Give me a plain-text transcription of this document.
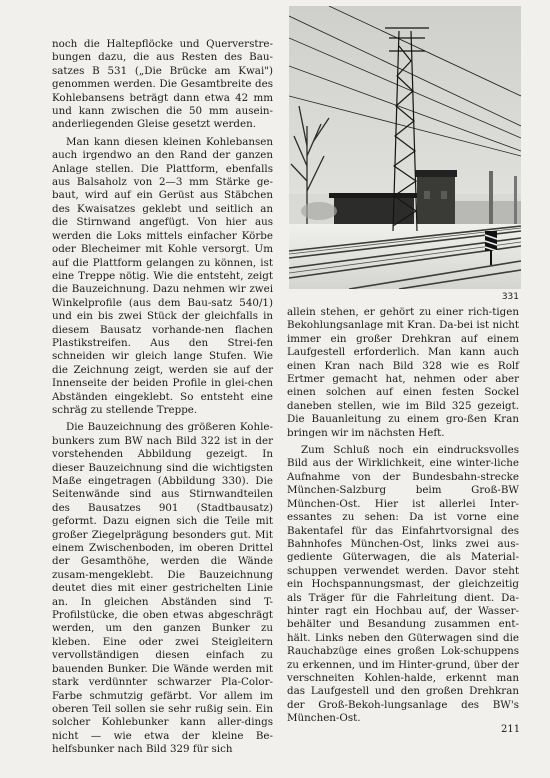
331

noch die Haltepflöcke und Querverstre-bungen dazu, die aus Resten des Bau-satzes B 531 („Die Brücke am Kwai") genommen werden. Die Gesamtbreite des Kohlebansens beträgt dann etwa 42 mm und kann zwischen die 50 mm ausein-anderliegenden Gleise gesetzt werden.

Man kann diesen kleinen Kohlebansen auch irgendwo an den Rand der ganzen Anlage stellen. Die Plattform, ebenfalls aus Balsaholz von 2—3 mm Stärke ge-baut, wird auf ein Gerüst aus Stäbchen des Kwaisatzes geklebt und seitlich an die Stirnwand angefügt. Von hier aus werden die Loks mittels einfacher Körbe oder Blecheimer mit Kohle versorgt. Um auf die Plattform gelangen zu können, ist eine Treppe nötig. Wie die entsteht, zeigt die Bauzeichnung. Dazu nehmen wir zwei Winkelprofile (aus dem Bau-satz 540/1) und ein bis zwei Stück der gleichfalls in diesem Bausatz vorhande-nen flachen Plastikstreifen. Aus den Strei-fen schneiden wir gleich lange Stufen. Wie die Zeichnung zeigt, werden sie auf der Innenseite der beiden Profile in glei-chen Abständen eingeklebt. So entsteht eine schräg zu stellende Treppe.

Die Bauzeichnung des größeren Kohle-bunkers zum BW nach Bild 322 ist in der vorstehenden Abbildung gezeigt. In dieser Bauzeichnung sind die wichtigsten Maße eingetragen (Abbildung 330). Die Seitenwände sind aus Stirnwandteilen des Bausatzes 901 (Stadtbausatz) geformt. Dazu eignen sich die Teile mit großer Ziegelprägung besonders gut. Mit einem Zwischenboden, im oberen Drittel der Gesamthöhe, werden die Wände zusam-mengeklebt. Die Bauzeichnung deutet dies mit einer gestrichelten Linie an. In gleichen Abständen sind T-Profilstücke, die oben etwas abgeschrägt werden, um den ganzen Bunker zu kleben. Eine oder zwei Steigleitern vervollständigen diesen einfach zu bauenden Bunker. Die Wände werden mit stark verdünnter schwarzer Pla-Color-Farbe schmutzig gefärbt. Vor allem im oberen Teil sollen sie sehr rußig sein. Ein solcher Kohlebunker kann aller-dings nicht — wie etwa der kleine Be-helfsbunker nach Bild 329 für sich

allein stehen, er gehört zu einer rich-tigen Bekohlungsanlage mit Kran. Da-bei ist nicht immer ein großer Drehkran auf einem Laufgestell erforderlich. Man kann auch einen Kran nach Bild 328 wie es Rolf Ertmer gemacht hat, nehmen oder aber einen solchen auf einen festen Sockel daneben stellen, wie im Bild 325 gezeigt. Die Bauanleitung zu einem gro-ßen Kran bringen wir im nächsten Heft.

Zum Schluß noch ein eindrucksvolles Bild aus der Wirklichkeit, eine winter-liche Aufnahme von der Bundesbahn-strecke München-Salzburg beim Groß-BW München-Ost. Hier ist allerlei Inter-essantes zu sehen: Da ist vorne eine Bakentafel für das Einfahrtvorsignal des Bahnhofes München-Ost, links zwei aus-gediente Güterwagen, die als Material-schuppen verwendet werden. Davor steht ein Hochspannungsmast, der gleichzeitig als Träger für die Fahrleitung dient. Da-hinter ragt ein Hochbau auf, der Wasser-behälter und Besandung zusammen ent-hält. Links neben den Güterwagen sind die Rauchabzüge eines großen Lok-schuppens zu erkennen, und im Hinter-grund, über der verschneiten Kohlen-halde, erkennt man das Laufgestell und den großen Drehkran der Groß-Bekoh-lungsanlage des BW's München-Ost.

211
